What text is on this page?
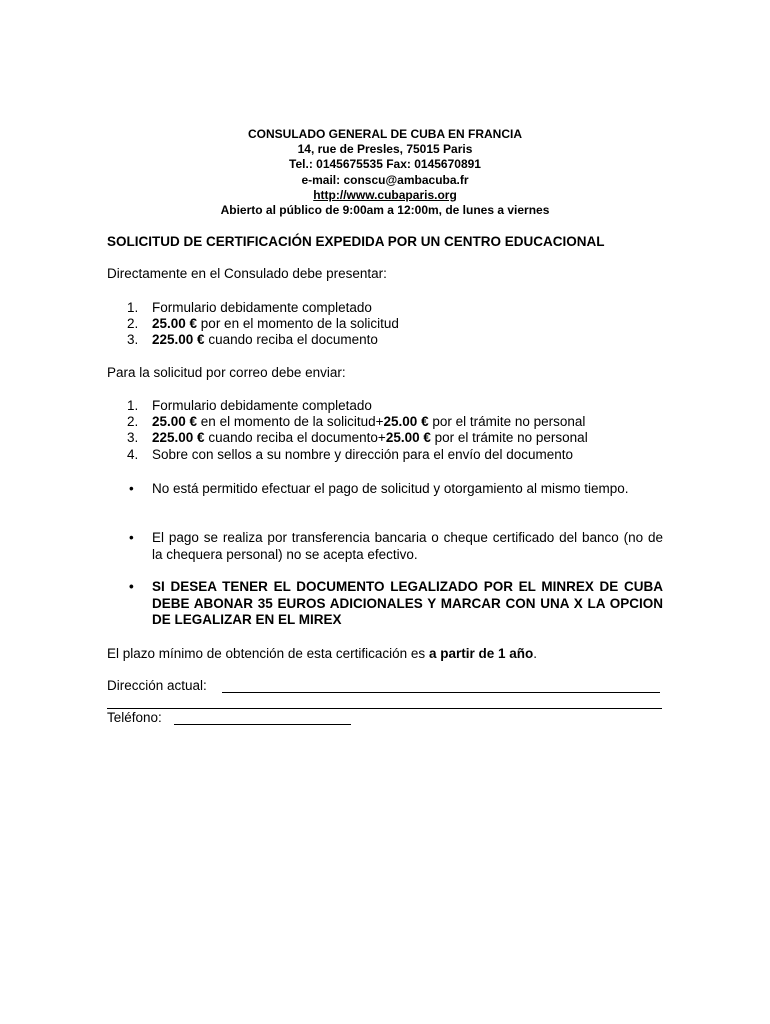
CONSULADO GENERAL DE CUBA EN FRANCIA
14, rue de Presles, 75015 Paris
Tel.: 0145675535 Fax: 0145670891
e-mail: conscu@ambacuba.fr
http://www.cubaparis.org
Abierto al público de 9:00am a 12:00m, de lunes a viernes
SOLICITUD DE CERTIFICACIÓN EXPEDIDA POR UN CENTRO EDUCACIONAL
Directamente en el Consulado debe presentar:
1. Formulario debidamente completado
2. 25.00 € por en el momento de la solicitud
3. 225.00 € cuando reciba el documento
Para la solicitud por correo debe enviar:
1. Formulario debidamente completado
2. 25.00 € en el momento de la solicitud+25.00 € por el trámite no personal
3. 225.00 € cuando reciba el documento+25.00 € por el trámite no personal
4. Sobre con sellos a su nombre y dirección para el envío del documento
• No está permitido efectuar el pago de solicitud y otorgamiento al mismo tiempo.
• El pago se realiza por transferencia bancaria o cheque certificado del banco (no de la chequera personal) no se acepta efectivo.
• SI DESEA TENER EL DOCUMENTO LEGALIZADO POR EL MINREX DE CUBA DEBE ABONAR 35 EUROS ADICIONALES Y MARCAR CON UNA X LA OPCION DE LEGALIZAR EN EL MIREX
El plazo mínimo de obtención de esta certificación es a partir de 1 año.
Dirección actual:
Teléfono:
